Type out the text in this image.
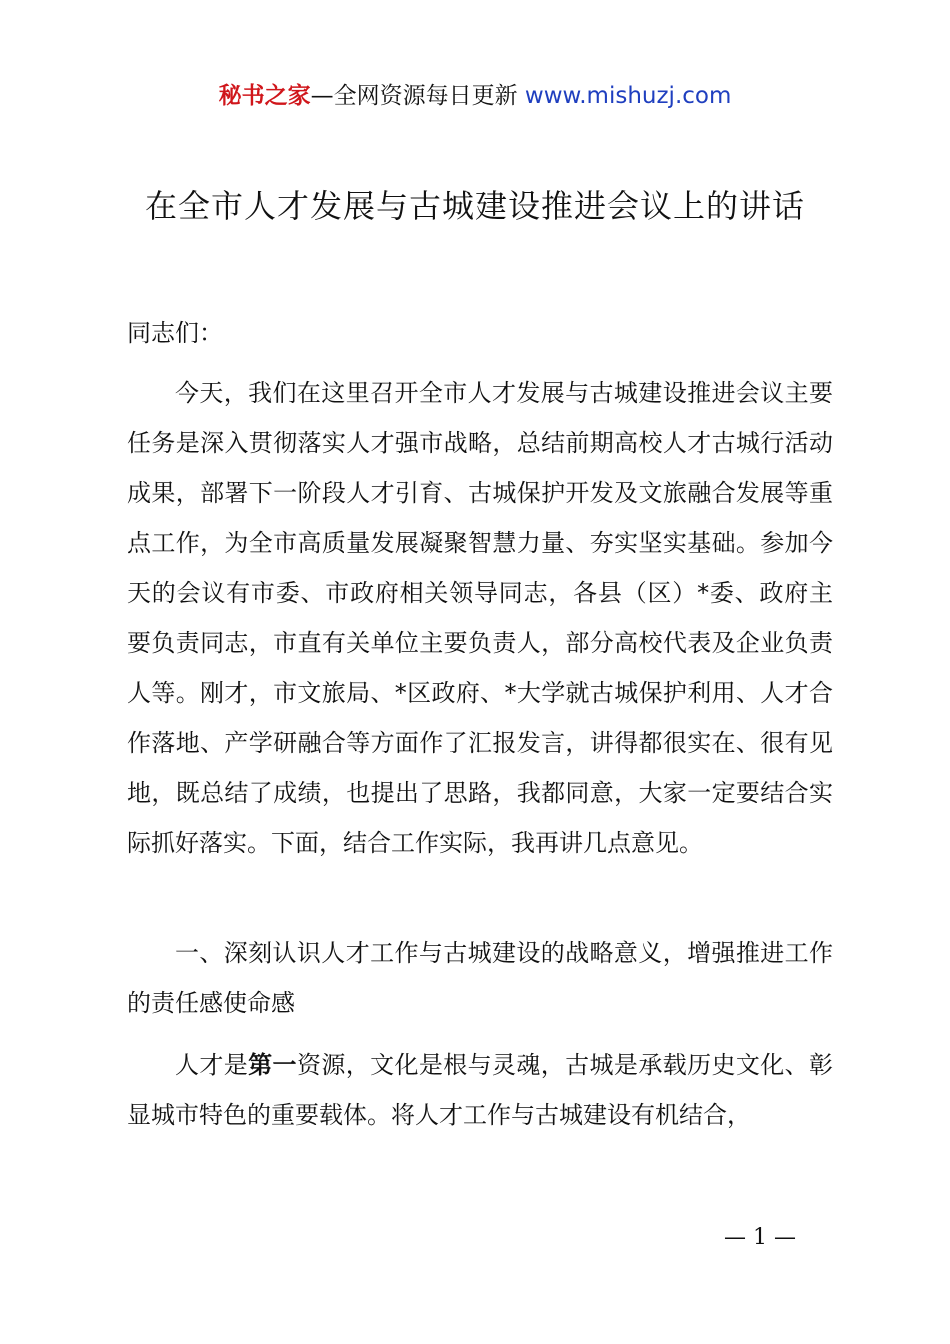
秘书之家—全网资源每日更新 www.mishuzj.com
在全市人才发展与古城建设推进会议上的讲话
同志们：

今天，我们在这里召开全市人才发展与古城建设推进会议主要任务是深入贯彻落实人才强市战略，总结前期高校人才古城行活动成果，部署下一阶段人才引育、古城保护开发及文旅融合发展等重点工作，为全市高质量发展凝聚智慧力量、夯实坚实基础。参加今天的会议有市委、市政府相关领导同志，各县（区）*委、政府主要负责同志，市直有关单位主要负责人，部分高校代表及企业负责人等。刚才，市文旅局、*区政府、*大学就古城保护利用、人才合作落地、产学研融合等方面作了汇报发言，讲得都很实在、很有见地，既总结了成绩，也提出了思路，我都同意，大家一定要结合实际抓好落实。下面，结合工作实际，我再讲几点意见。

一、深刻认识人才工作与古城建设的战略意义，增强推进工作的责任感使命感

人才是第一资源，文化是根与灵魂，古城是承载历史文化、彰显城市特色的重要载体。将人才工作与古城建设有机结合，

— 1 —
